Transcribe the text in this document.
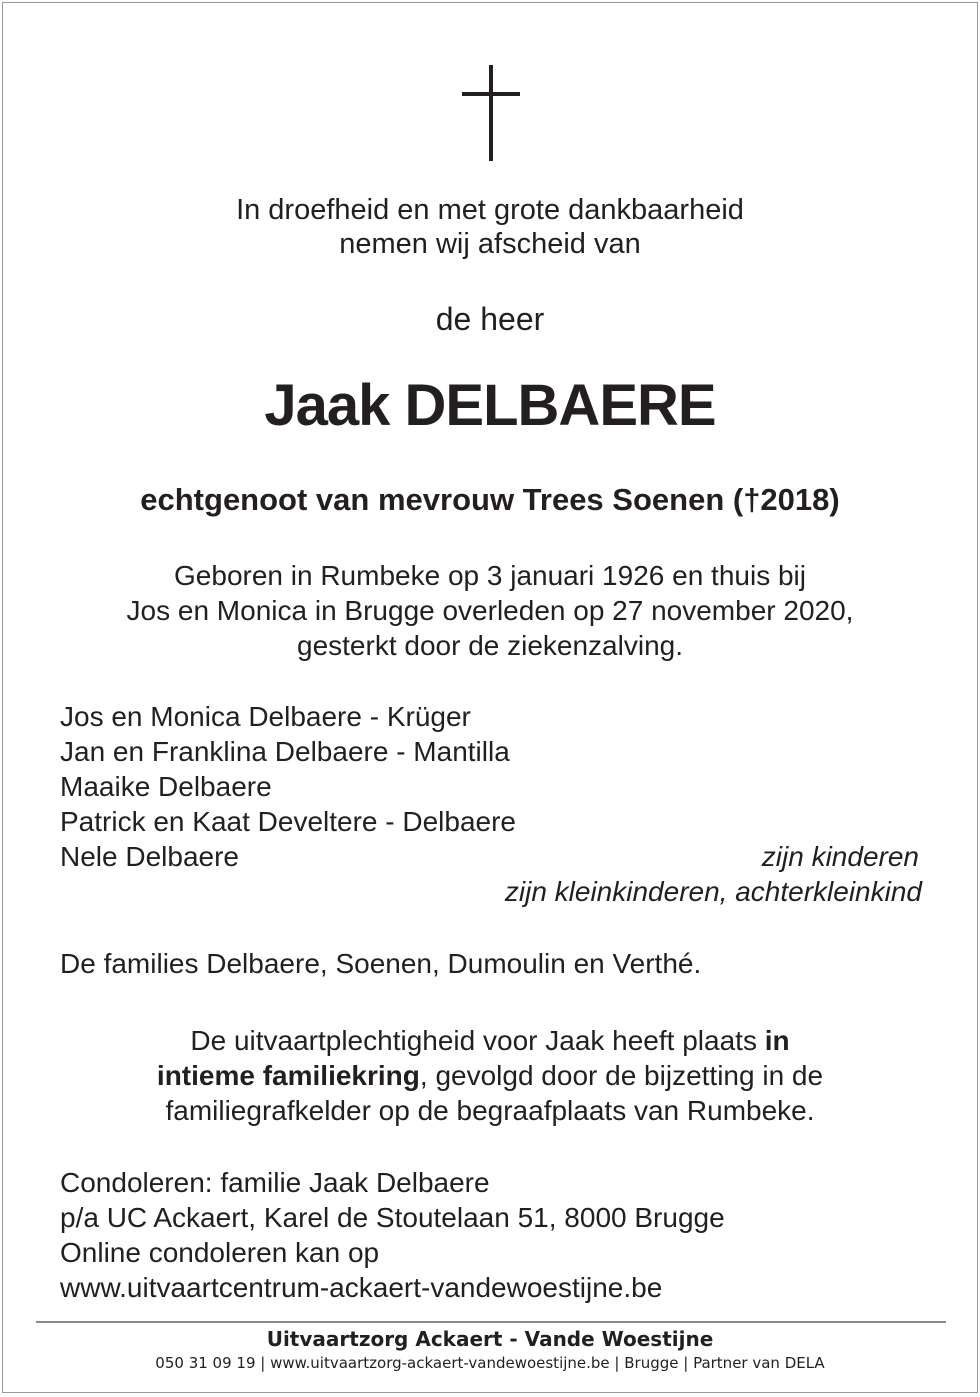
In droefheid en met grote dankbaarheid
nemen wij afscheid van
de heer
Jaak DELBAERE
echtgenoot van mevrouw Trees Soenen (†2018)
Geboren in Rumbeke op 3 januari 1926 en thuis bij
Jos en Monica in Brugge overleden op 27 november 2020,
gesterkt door de ziekenzalving.
Jos en Monica Delbaere - Krüger
Jan en Franklina Delbaere - Mantilla
Maaike Delbaere
Patrick en Kaat Develtere - Delbaere
Nele Delbaere	zijn kinderen
zijn kleinkinderen, achterkleinkind
De families Delbaere, Soenen, Dumoulin en Verthé.
De uitvaartplechtigheid voor Jaak heeft plaats in
intieme familiekring, gevolgd door de bijzetting in de
familiegrafkelder op de begraafplaats van Rumbeke.
Condoleren: familie Jaak Delbaere
p/a UC Ackaert, Karel de Stoutelaan 51, 8000 Brugge
Online condoleren kan op
www.uitvaartcentrum-ackaert-vandewoestijne.be
Uitvaartzorg Ackaert - Vande Woestijne
050 31 09 19 | www.uitvaartzorg-ackaert-vandewoestijne.be | Brugge | Partner van DELA
